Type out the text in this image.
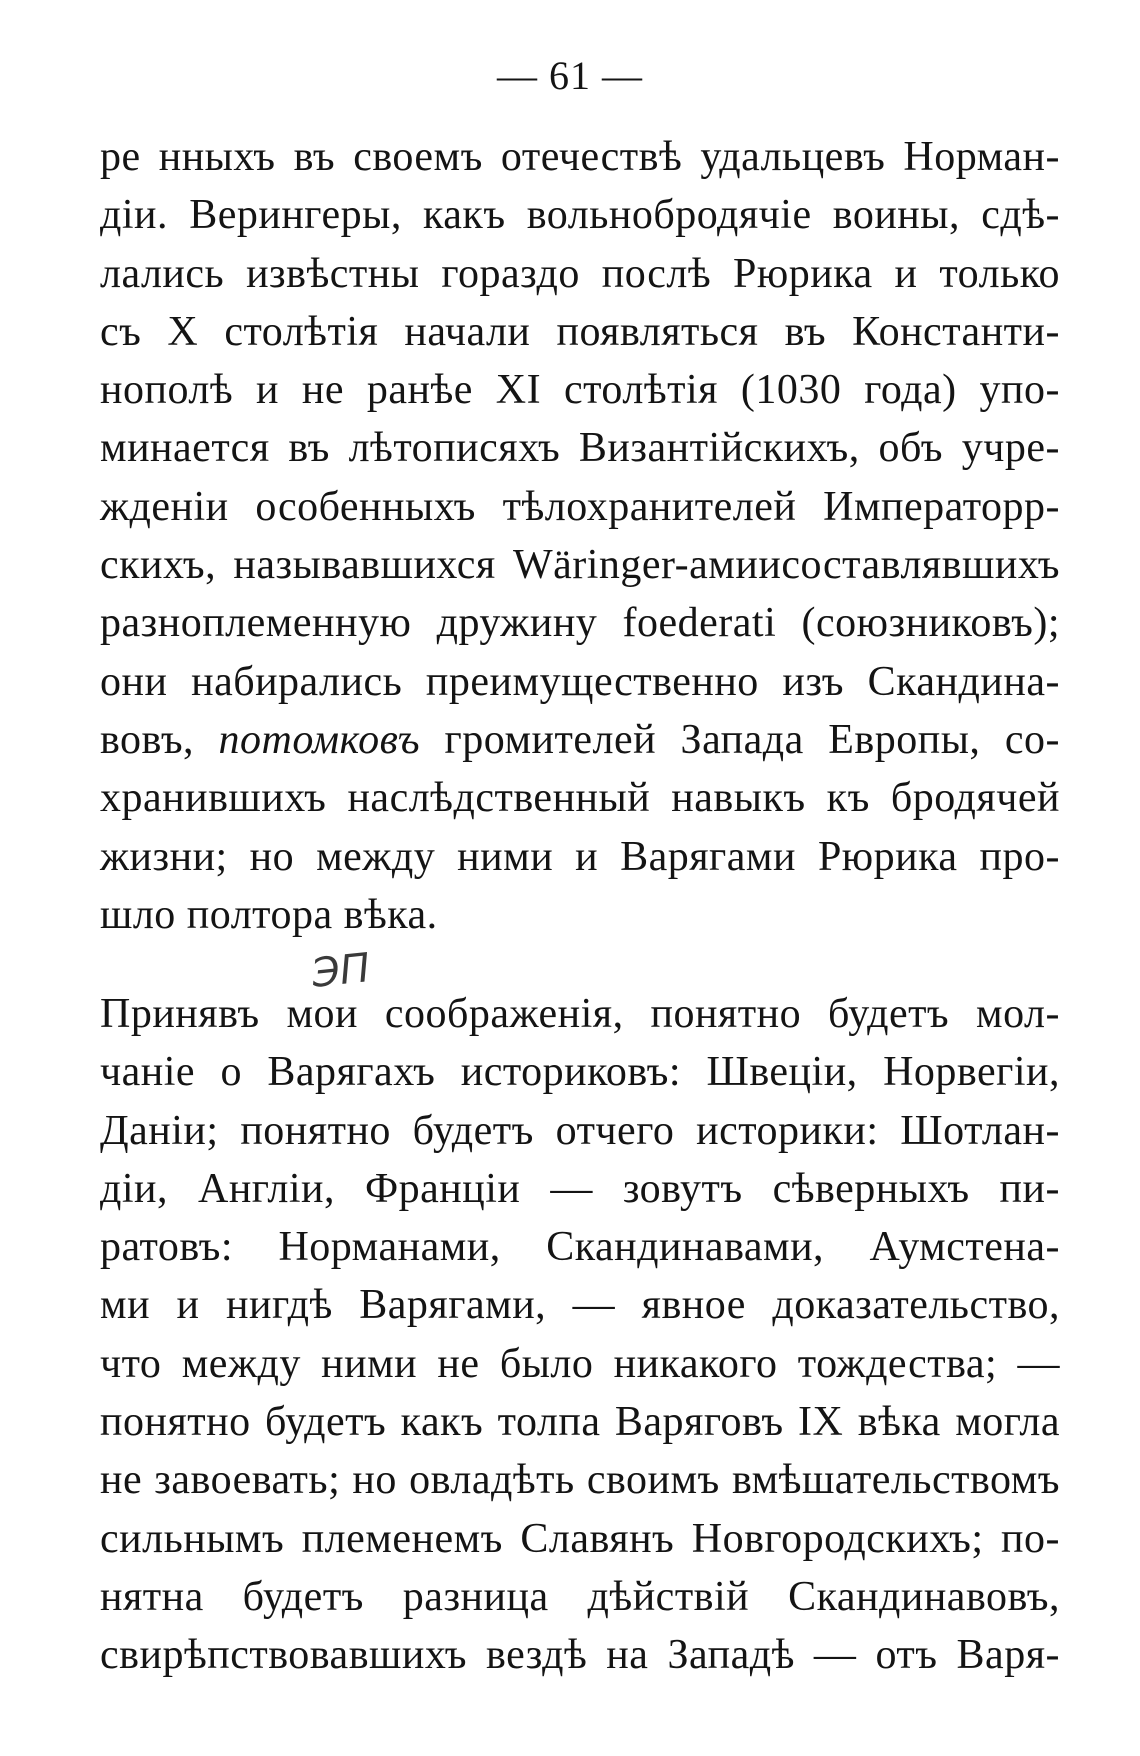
— 61 —
ре нныхъ въ своемъ отечествѣ удальцевъ Норман-
дiи. Верингеры, какъ вольнобродячiе воины, сдѣ-
лались извѣстны гораздо послѣ Рюрика и только
съ X столѣтiя начали появляться въ Константи-
нополѣ и не ранѣе XI столѣтiя (1030 года) упо-
минается въ лѣтописяхъ Византiйскихъ, объ учре-
жденiи особенныхъ тѣлохранителей Императорр-
скихъ, называвшихся Wäringer-амиисоставлявшихъ
разноплеменную дружину foederati (союзниковъ);
они набирались преимущественно изъ Скандина-
вовъ, потомковъ громителей Запада Европы, со-
хранившихъ наслѣдственный навыкъ къ бродячей
жизни; но между ними и Варягами Рюрика про-
шло полтора вѣка.
ЭП
Принявъ мои соображенiя, понятно будетъ мол-
чанiе о Варягахъ историковъ: Швецiи, Норвегiи,
Данiи; понятно будетъ отчего историки: Шотлан-
дiи, Англiи, Францiи — зовутъ сѣверныхъ пи-
ратовъ: Норманами, Скандинавами, Аумстена-
ми и нигдѣ Варягами, — явное доказательство,
что между ними не было никакого тождества; —
понятно будетъ какъ толпа Варяговъ IX вѣка могла
не завоевать; но овладѣть своимъ вмѣшательствомъ
сильнымъ племенемъ Славянъ Новгородскихъ; по-
нятна будетъ разница дѣйствiй Скандинавовъ,
свирѣпствовавшихъ вездѣ на Западѣ — отъ Варя-
